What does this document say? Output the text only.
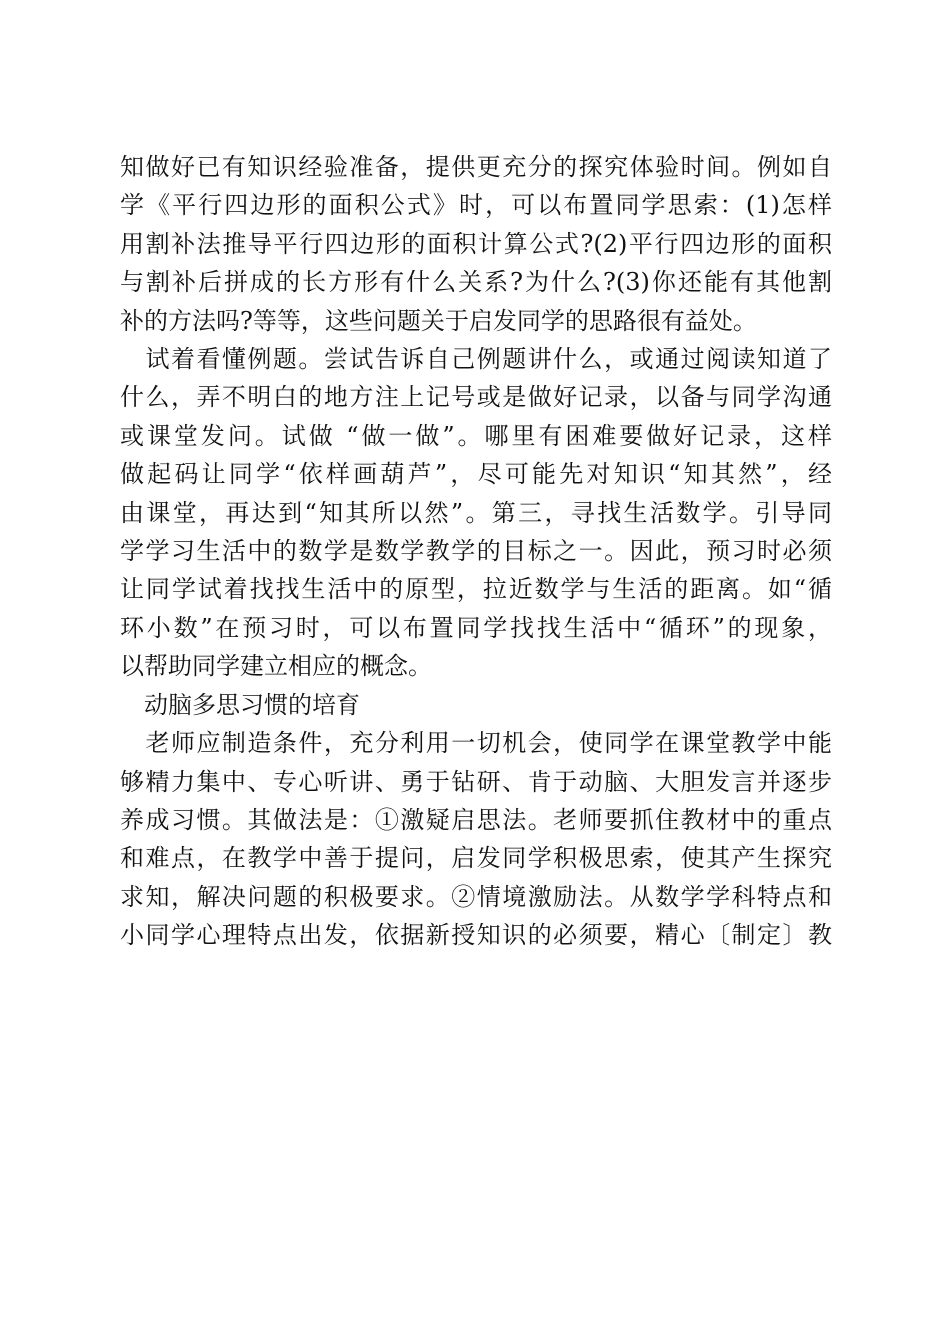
知做好已有知识经验准备，提供更充分的探究体验时间。例如自
学《平行四边形的面积公式》时，可以布置同学思索：(1)怎样
用割补法推导平行四边形的面积计算公式?(2)平行四边形的面积
与割补后拼成的长方形有什么关系?为什么?(3)你还能有其他割
补的方法吗?等等，这些问题关于启发同学的思路很有益处。
　试着看懂例题。尝试告诉自己例题讲什么，或通过阅读知道了
什么，弄不明白的地方注上记号或是做好记录，以备与同学沟通
或课堂发问。试做 “做一做”。哪里有困难要做好记录，这样
做起码让同学“依样画葫芦”，尽可能先对知识“知其然”，经
由课堂，再达到“知其所以然”。第三，寻找生活数学。引导同
学学习生活中的数学是数学教学的目标之一。因此，预习时必须
让同学试着找找生活中的原型，拉近数学与生活的距离。如“循
环小数”在预习时，可以布置同学找找生活中“循环”的现象，
以帮助同学建立相应的概念。
　动脑多思习惯的培育
　老师应制造条件，充分利用一切机会，使同学在课堂教学中能
够精力集中、专心听讲、勇于钻研、肯于动脑、大胆发言并逐步
养成习惯。其做法是：①激疑启思法。老师要抓住教材中的重点
和难点，在教学中善于提问，启发同学积极思索，使其产生探究
求知，解决问题的积极要求。②情境激励法。从数学学科特点和
小同学心理特点出发，依据新授知识的必须要，精心〔制定〕教
